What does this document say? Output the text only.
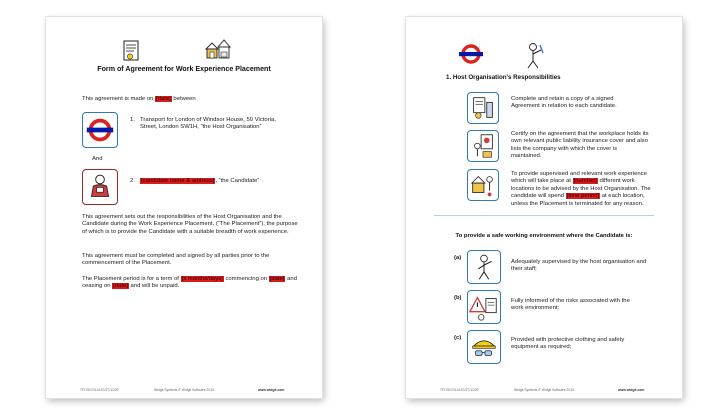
Form of Agreement for Work Experience Placement
This agreement is made on [date] between
1. Transport for London of Windsor House, 50 Victoria, Street, London SW1H, “the Host Organisation”
And
2. [candidate name & address], “the Candidate”
This agreement sets out the responsibilities of the Host Organisation and the Candidate during the Work Experience Placement, (“The Placement”), the purpose of which is to provide the Candidate with a suitable breadth of work experience.
This agreement must be completed and signed by all parties prior to the commencement of the Placement.
The Placement period is for a term of [x months/days] commencing on [date] and ceasing on [date] and will be unpaid.
TFL/SGY/LU/JG/27/11/09	Widgit Symbols © Widgit Software 2010	www.widgit.com
1. Host Organisation’s Responsibilities
Complete and retain a copy of a signed Agreement in relation to each candidate.
Certify on the agreement that the workplace holds its own relevant public liability insurance cover and also lists the company with which the cover is maintained.
To provide supervised and relevant work experience which will take place at [number] different work locations to be advised by the Host Organisation. The candidate will spend [time period] at each location, unless the Placement is terminated for any reason.
To provide a safe working environment where the Candidate is:
(a)
Adequately supervised by the host organisation and their staff;
(b)	Fully informed of the risks associated with the work environment;
(c)	Provided with protective clothing and safety equipment as required;
TFL/SGY/LU/JG/27/11/09	Widgit Symbols © Widgit Software 2010	www.widgit.com
